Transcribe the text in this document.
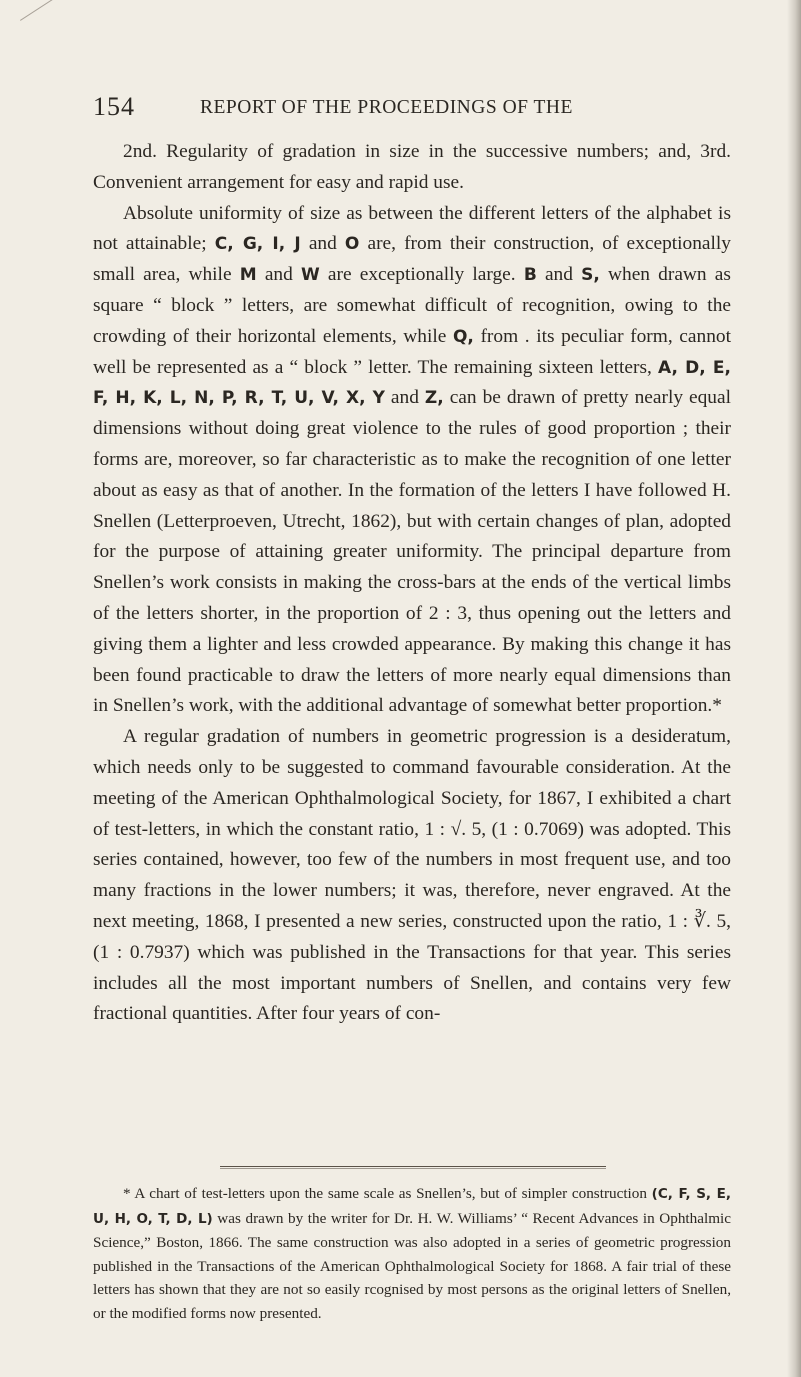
154	REPORT OF THE PROCEEDINGS OF THE

2nd. Regularity of gradation in size in the successive numbers; and, 3rd. Convenient arrangement for easy and rapid use.

Absolute uniformity of size as between the different letters of the alphabet is not attainable; C, G, I, J and O are, from their construction, of exceptionally small area, while M and W are exceptionally large. B and S, when drawn as square “ block ” letters, are somewhat difficult of recognition, owing to the crowding of their horizontal elements, while Q, from . its peculiar form, cannot well be represented as a “ block ” letter. The remaining sixteen letters, A, D, E, F, H, K, L, N, P, R, T, U, V, X, Y and Z, can be drawn of pretty nearly equal dimensions without doing great violence to the rules of good proportion ; their forms are, moreover, so far characteristic as to make the recognition of one letter about as easy as that of another. In the formation of the letters I have followed H. Snellen (Letterproeven, Utrecht, 1862), but with certain changes of plan, adopted for the purpose of attaining greater uniformity. The principal departure from Snellen’s work consists in making the cross-bars at the ends of the vertical limbs of the letters shorter, in the proportion of 2 : 3, thus opening out the letters and giving them a lighter and less crowded appearance. By making this change it has been found practicable to draw the letters of more nearly equal dimensions than in Snellen’s work, with the additional advantage of somewhat better proportion.*

A regular gradation of numbers in geometric progression is a desideratum, which needs only to be suggested to command favourable consideration. At the meeting of the American Ophthalmological Society, for 1867, I exhibited a chart of test-letters, in which the constant ratio, 1 : √. 5, (1 : 0.7069) was adopted. This series contained, however, too few of the numbers in most frequent use, and too many fractions in the lower numbers; it was, therefore, never engraved. At the next meeting, 1868, I presented a new series, constructed upon the ratio, 1 : ∛. 5, (1 : 0.7937) which was published in the Transactions for that year. This series includes all the most important numbers of Snellen, and contains very few fractional quantities. After four years of con-

* A chart of test-letters upon the same scale as Snellen’s, but of simpler construction (C, F, S, E, U, H, O, T, D, L) was drawn by the writer for Dr. H. W. Williams’ “ Recent Advances in Ophthalmic Science,” Boston, 1866. The same construction was also adopted in a series of geometric progression published in the Transactions of the American Ophthalmological Society for 1868. A fair trial of these letters has shown that they are not so easily rcognised by most persons as the original letters of Snellen, or the modified forms now presented.
